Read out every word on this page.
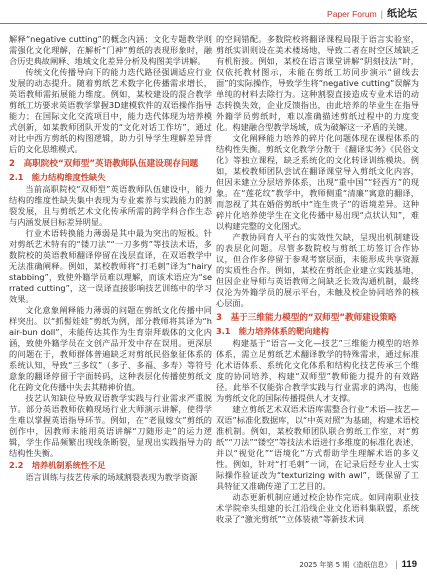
Paper Forum | 纸论坛

解释“negative cutting”的概念内涵；文化专题教学则需强化文化理解，在解析“门神”剪纸的表现形象时，融合历史典故阐释、地域文化差异分析及构图美学讲解。

传统文化传播导向下的能力迭代路径强调适应行业发展的动态提升。随着剪纸艺术数字化传播需求增长，英语教师需拓展能力维度。例如，某校建设的混合教学剪纸工坊要求英语教学掌握3D建模软件的双语操作指导能力；在国际文化交流项目中，能力迭代体现为培养模式创新，如某教师团队开发的“文化对话工作坊”，通过对比中西方剪纸的构图逻辑，助力引导学生理解差异背后的文化思维模式。

2　高职院校“双师型”英语教师队伍建设现存问题
2.1　能力结构维度性缺失

当前高职院校“双师型”英语教师队伍建设中，能力结构的维度性缺失集中表现为专业素养与实践能力的割裂发展，且与剪纸艺术文化传承所需的跨学科合作生态与内涵发展目标差异明显。

行业术语转换能力薄弱是其中最为突出的短板。针对剪纸艺术特有的“镂刀法”“一刀多剪”等技法术语，多数院校的英语教师翻译停留在浅层直译，在双语教学中无法准确阐释。例如，某校教师将“打毛刺”译为“hairy stabbing”，致使外籍学员难以理解，而该术语应为“serrated cutting”，这一误译直接影响技艺训练中的学习效果。

文化意象阐释能力薄弱的问题在剪纸文化传播中同样突出。以“抓髻娃娃”剪纸为例，部分教师将其译为“hair-bun doll”，未能传达其作为生育崇拜载体的文化内涵，致使外籍学员在文创产品开发中存在误用。更深层的问题在于，教师群体普遍缺乏对剪纸民俗象征体系的系统认知，导致“三多纹”（多子、多福、多寿）等符号意象的翻译停留于字面转码，这种表层化传播使剪纸文化在跨文化传播中失去其精神价值。

技艺认知缺位导致双语教学实践与行业需求严重脱节。部分英语教师依赖现场行业大师演示讲解，使得学生难以掌握英语指导环节。例如，在“老鼠嫁女”剪纸的创作中，因教师未能用英语讲解“刀随形走”的运力逻辑，学生作品频繁出现线条断裂，显现出实践指导力的结构性失衡。

2.2　培养机制系统性不足

语言训练与技艺传承的场域割裂表现为教学资源

的空间错配。多数院校将翻译课程局限于语言实验室，剪纸实训则设在美术楼场地，导致二者在时空区域缺乏有机衔接。例如，某校在语言课堂讲解“阴刻技法”时，仅依托教材图示，未能在剪纸工坊同步演示“留线去面”的实际操作，导致学生将“negative cutting”误解为单纯的材料去除行为。这种割裂直接造成专业术语的动态转换失效，企业反馈指出，由此培养的毕业生在指导外籍学员剪纸时，难以准确描述剪纸过程中的力度变化。构建融合型教学场域，成为破解这一矛盾的关键。

文化阐释能力培养的碎片化问题体现在课程体系的结构性失衡。剪纸文化教学分散于《翻译实务》《民俗文化》等独立课程，缺乏系统化的文化转译训练模块。例如，某校教师团队尝试在翻译课堂导入剪纸文化内容，但因未建立分层培养体系，出现“重中国”“轻西方”的现象。在“莲花纹”教学中，教师侧重“清廉”寓意的翻译，而忽视了其在婚俗剪纸中“连生贵子”的语境差异。这种碎片化培养使学生在文化传播中易出现“点状认知”，难以构建完整的文化图式。

产教协同育人平台的实效性欠缺，呈现出机制建设的表层化问题。尽管多数院校与剪纸工坊签订合作协议，但合作多停留于参观考察层面，未能形成共享资源的实质性合作。例如，某校在剪纸企业建立实践基地，但因企业导师与英语教师之间缺乏长效沟通机制，最终仅沦为外籍学员的展示平台，未触及校企协同培养的核心层面。

3　基于三维能力模型的“双师型”教师建设策略
3.1　能力培养体系的靶向建构

构建基于“语言—文化—技艺”三维能力模型的培养体系，需立足剪纸艺术翻译教学的特殊需求，通过标准化术语体系、系统化文化体系和结构化技艺传承三个维度的协同培养，构建“双师型”教师能力提升的有效路径。此举不仅能弥合教学实践与行业需求的鸿沟，也能为剪纸文化的国际传播提供人才支撑。

建立剪纸艺术双语术语库需整合行业“术语—技艺—双语”标准化数据库，以“中英对照”为基础，构建术语校准机制。例如，某校教师团队联合剪纸工作室，对“剪纸”“刀法”“镂空”等技法术语进行多维度的标准化表述，并以“视觉化”“语境化”方式帮助学生理解术语的多义性。例如，针对“打毛刺”一词，在记录后经专业人士实际操作验证改为“texturizing with awl”，既保留了工具特征又准确传递了工艺目的。

动态更新机制应通过校企协作完成。如同南职业技术学院牵头组建的长江沿线企业文化语料集联盟，系统收录了“激光剪纸”“立体装裱”等新技术词

2025 年第 5 期《造纸信息》 | 119
